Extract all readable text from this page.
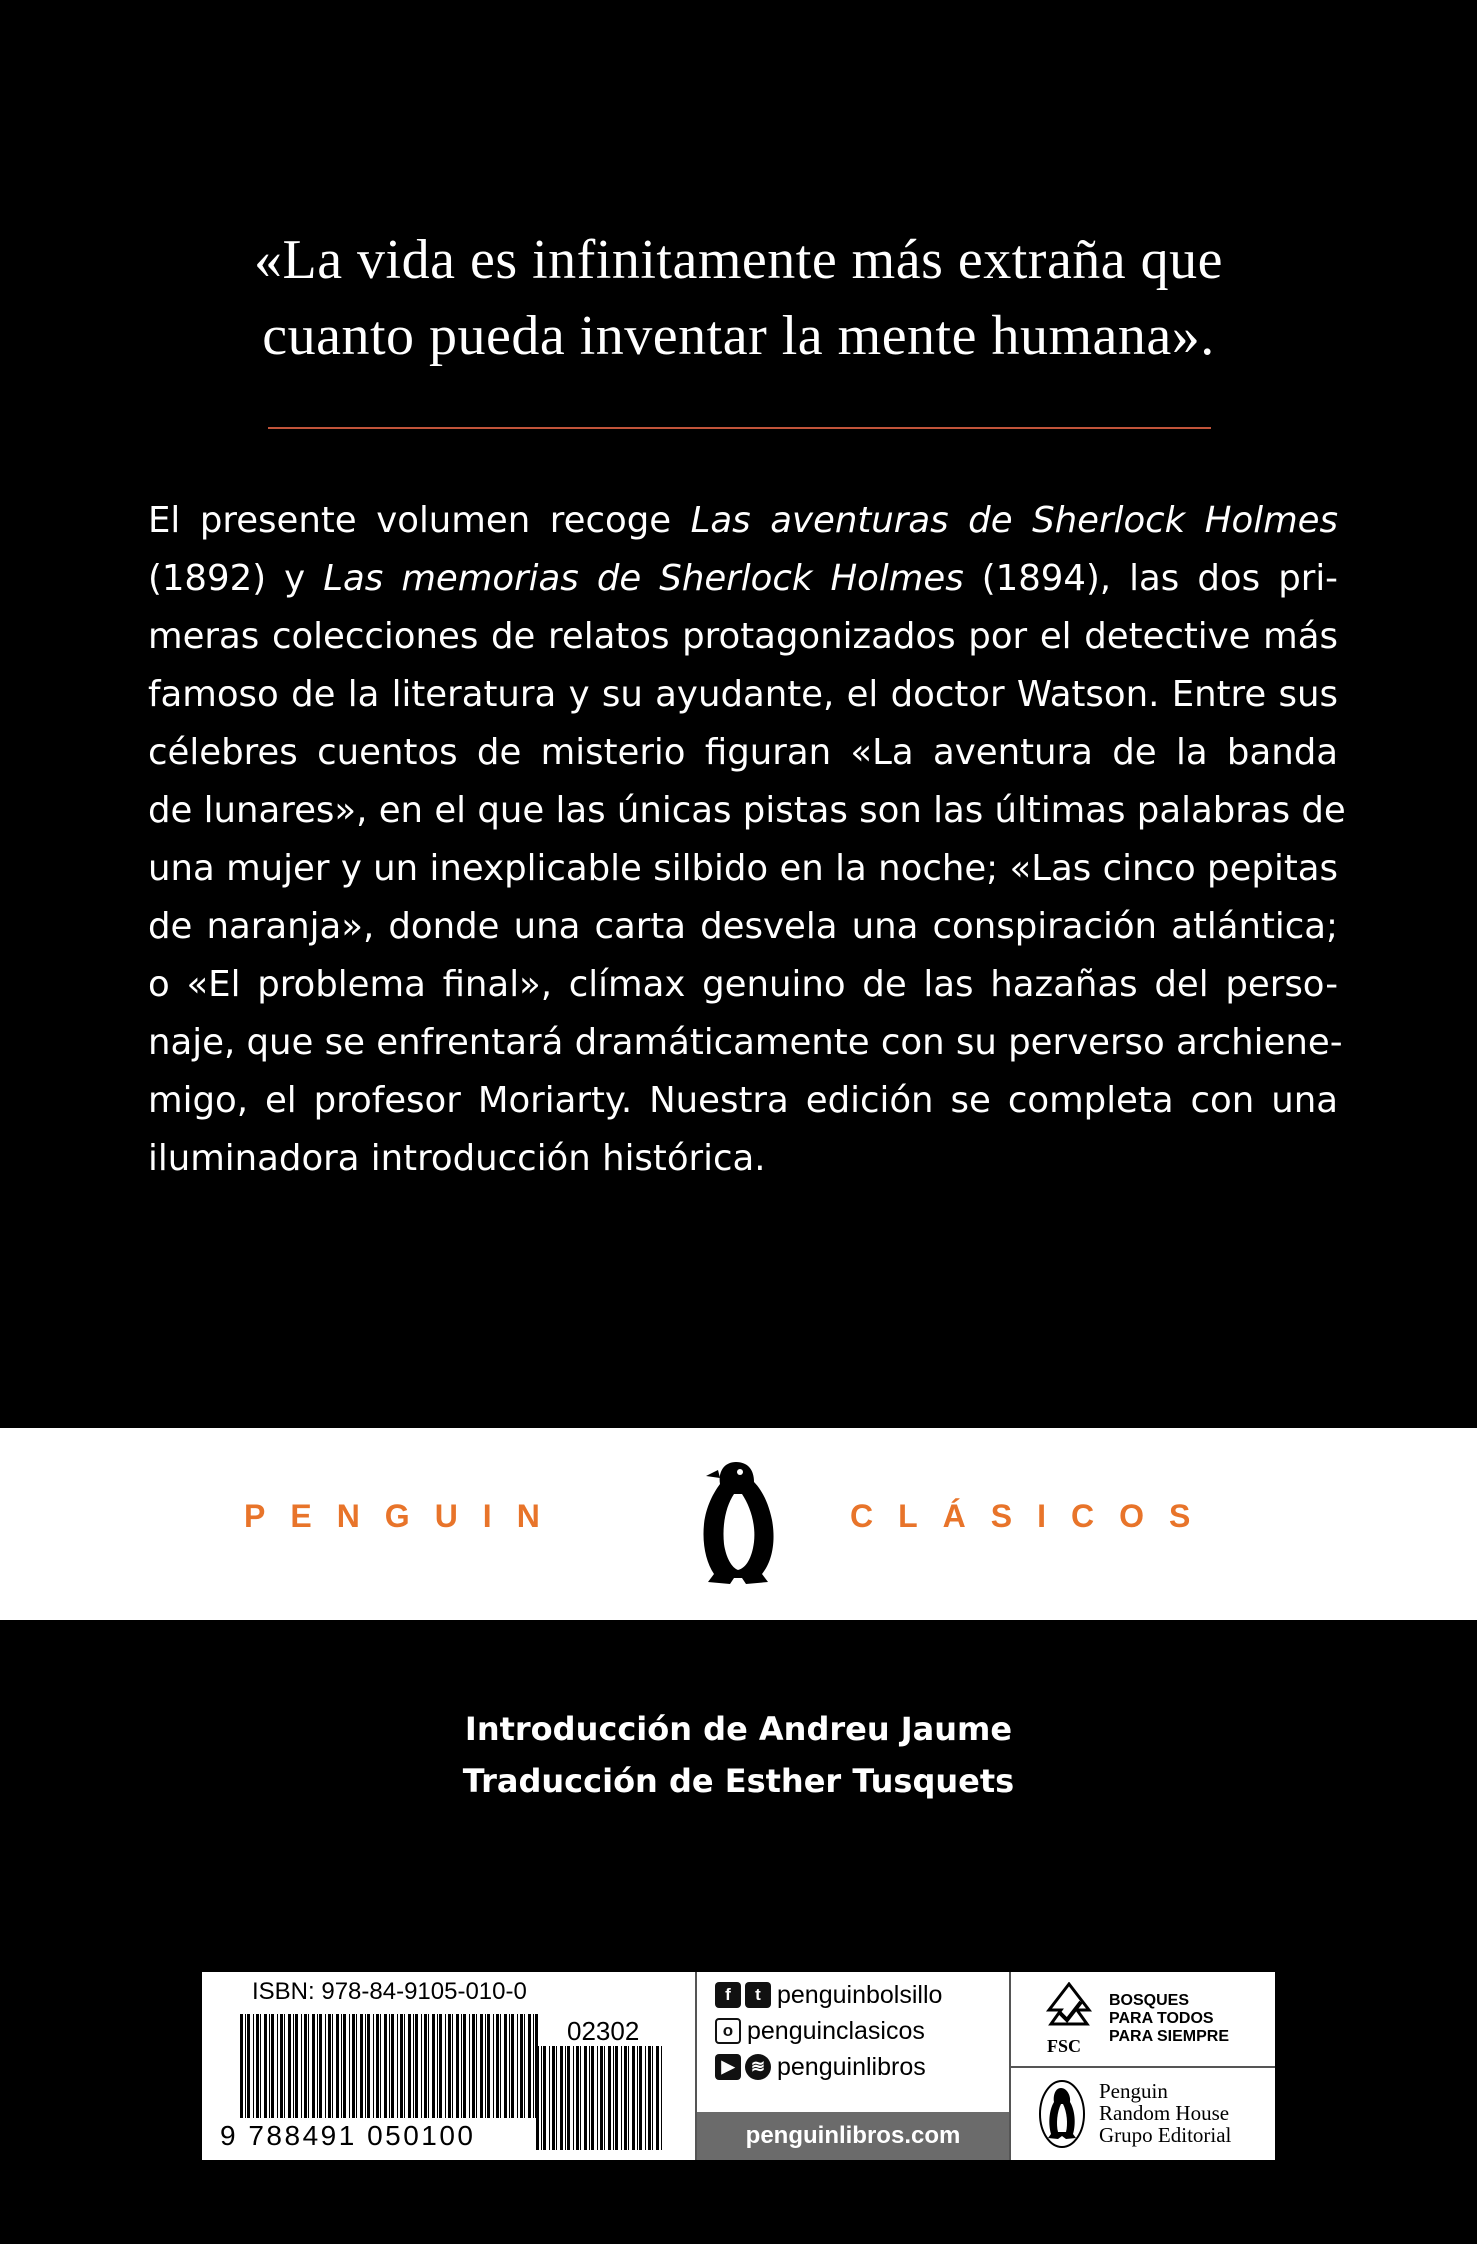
«La vida es infinitamente más extraña que
cuanto pueda inventar la mente humana».

El presente volumen recoge Las aventuras de Sherlock Holmes

(1892) y Las memorias de Sherlock Holmes (1894), las dos pri-

meras colecciones de relatos protagonizados por el detective más

famoso de la literatura y su ayudante, el doctor Watson. Entre sus

célebres cuentos de misterio figuran «La aventura de la banda

de lunares», en el que las únicas pistas son las últimas palabras de

una mujer y un inexplicable silbido en la noche; «Las cinco pepitas

de naranja», donde una carta desvela una conspiración atlántica;

o «El problema final», clímax genuino de las hazañas del perso-

naje, que se enfrentará dramáticamente con su perverso archiene-

migo, el profesor Moriarty. Nuestra edición se completa con una

iluminadora introducción histórica.

PENGUIN	CLÁSICOS
Introducción de Andreu Jaume
Traducción de Esther Tusquets
ISBN: 978-84-9105-010-0
9 788491 050100
02302
f t penguinbolsillo
o penguinclasicos
▶ ≋ penguinlibros
penguinlibros.com
FSC
BOSQUES
PARA TODOS
PARA SIEMPRE
Penguin
Random House
Grupo Editorial
